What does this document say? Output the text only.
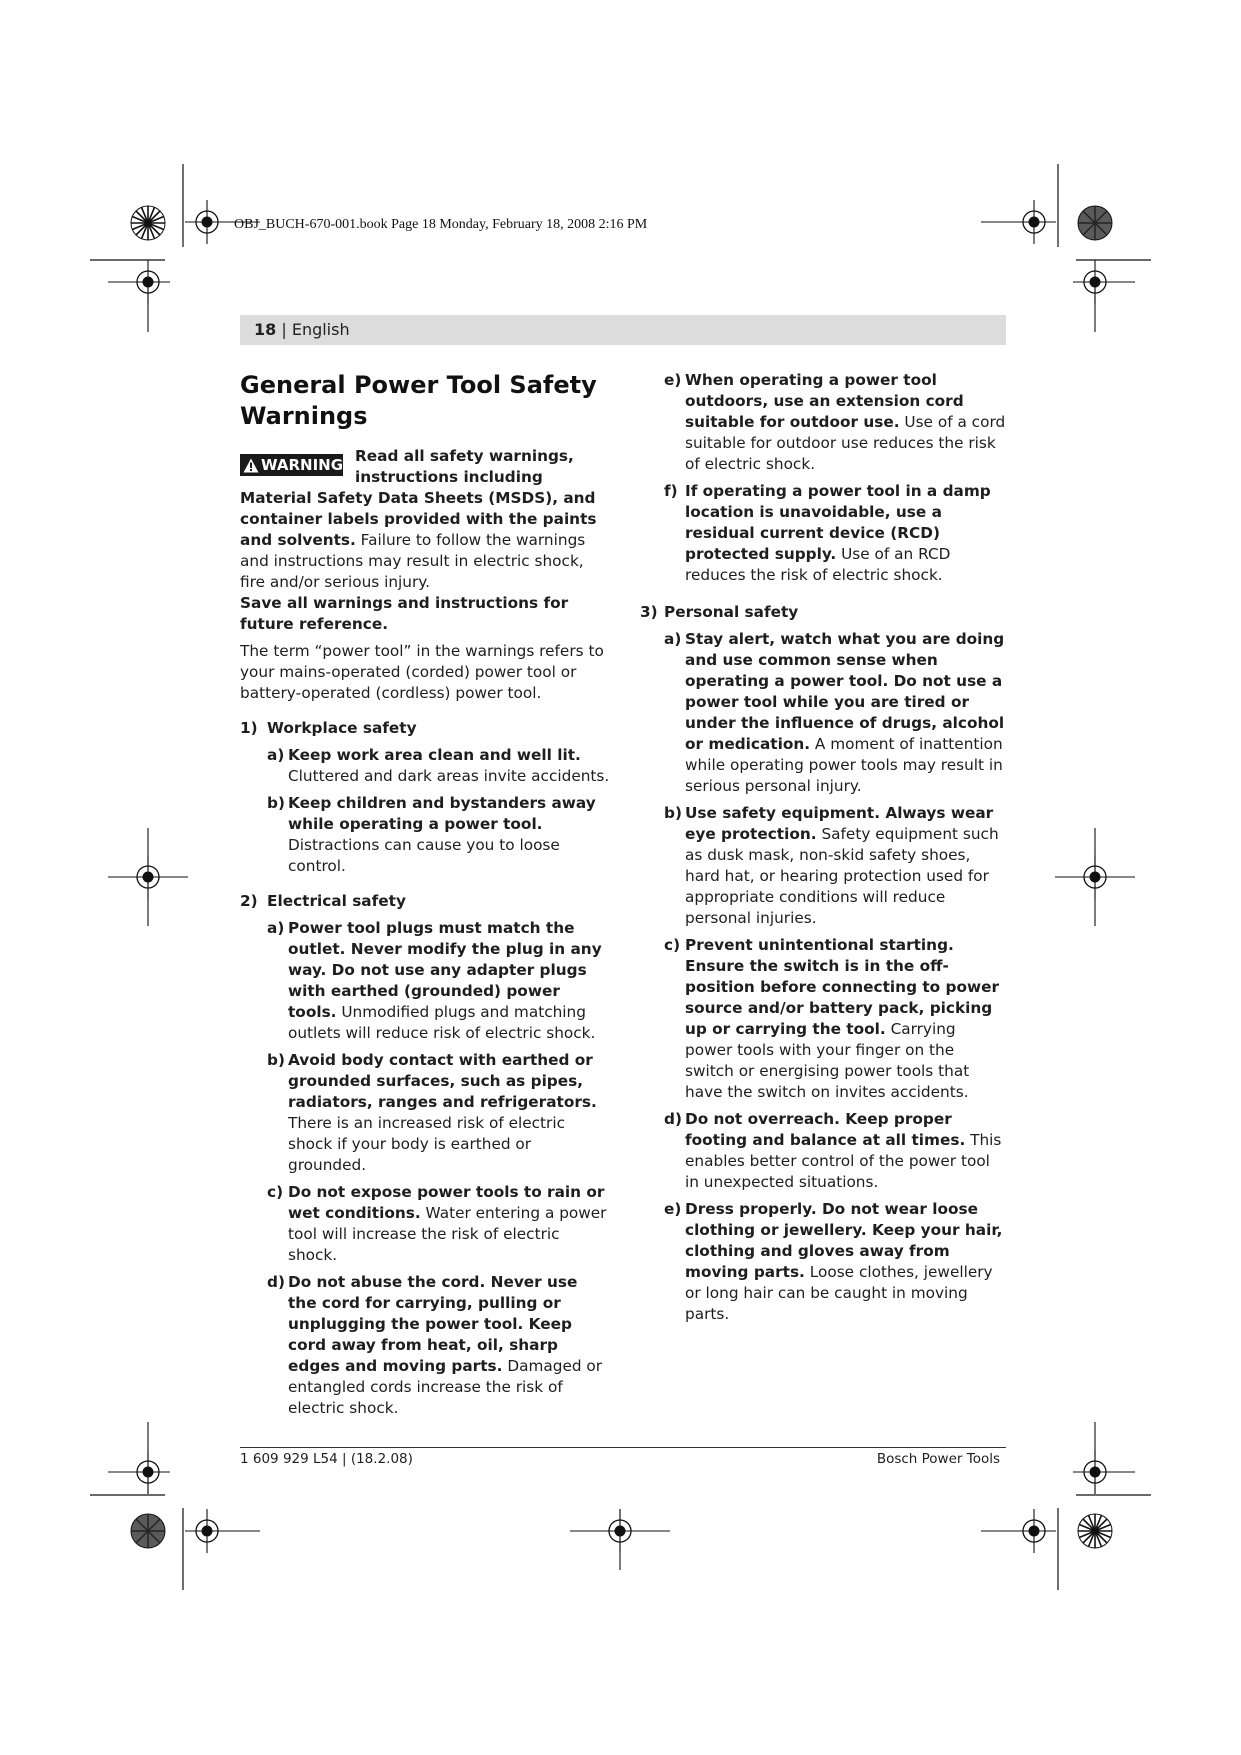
OBJ_BUCH-670-001.book Page 18 Monday, February 18, 2008 2:16 PM
18 | English
General Power Tool Safety Warnings

WARNING Read all safety warnings, instructions including Material Safety Data Sheets (MSDS), and container labels provided with the paints and solvents. Failure to follow the warnings and instructions may result in electric shock, fire and/or serious injury.

Save all warnings and instructions for future reference.

The term “power tool” in the warnings refers to your mains-operated (corded) power tool or battery-operated (cordless) power tool.

1) Workplace safety

a) Keep work area clean and well lit. Cluttered and dark areas invite accidents.
b) Keep children and bystanders away while operating a power tool. Distractions can cause you to loose control.

2) Electrical safety

a) Power tool plugs must match the outlet. Never modify the plug in any way. Do not use any adapter plugs with earthed (grounded) power tools. Unmodified plugs and matching outlets will reduce risk of electric shock.
b) Avoid body contact with earthed or grounded surfaces, such as pipes, radiators, ranges and refrigerators. There is an increased risk of electric shock if your body is earthed or grounded.
c) Do not expose power tools to rain or wet conditions. Water entering a power tool will increase the risk of electric shock.
d) Do not abuse the cord. Never use the cord for carrying, pulling or unplugging the power tool. Keep cord away from heat, oil, sharp edges and moving parts. Damaged or entangled cords increase the risk of electric shock.
e) When operating a power tool outdoors, use an extension cord suitable for outdoor use. Use of a cord suitable for outdoor use reduces the risk of electric shock.
f) If operating a power tool in a damp location is unavoidable, use a residual current device (RCD) protected supply. Use of an RCD reduces the risk of electric shock.

3) Personal safety

a) Stay alert, watch what you are doing and use common sense when operating a power tool. Do not use a power tool while you are tired or under the influence of drugs, alcohol or medication. A moment of inattention while operating power tools may result in serious personal injury.
b) Use safety equipment. Always wear eye protection. Safety equipment such as dusk mask, non-skid safety shoes, hard hat, or hearing protection used for appropriate conditions will reduce personal injuries.
c) Prevent unintentional starting. Ensure the switch is in the off-position before connecting to power source and/or battery pack, picking up or carrying the tool. Carrying power tools with your finger on the switch or energising power tools that have the switch on invites accidents.
d) Do not overreach. Keep proper footing and balance at all times. This enables better control of the power tool in unexpected situations.
e) Dress properly. Do not wear loose clothing or jewellery. Keep your hair, clothing and gloves away from moving parts. Loose clothes, jewellery or long hair can be caught in moving parts.
1 609 929 L54 | (18.2.08)	Bosch Power Tools
